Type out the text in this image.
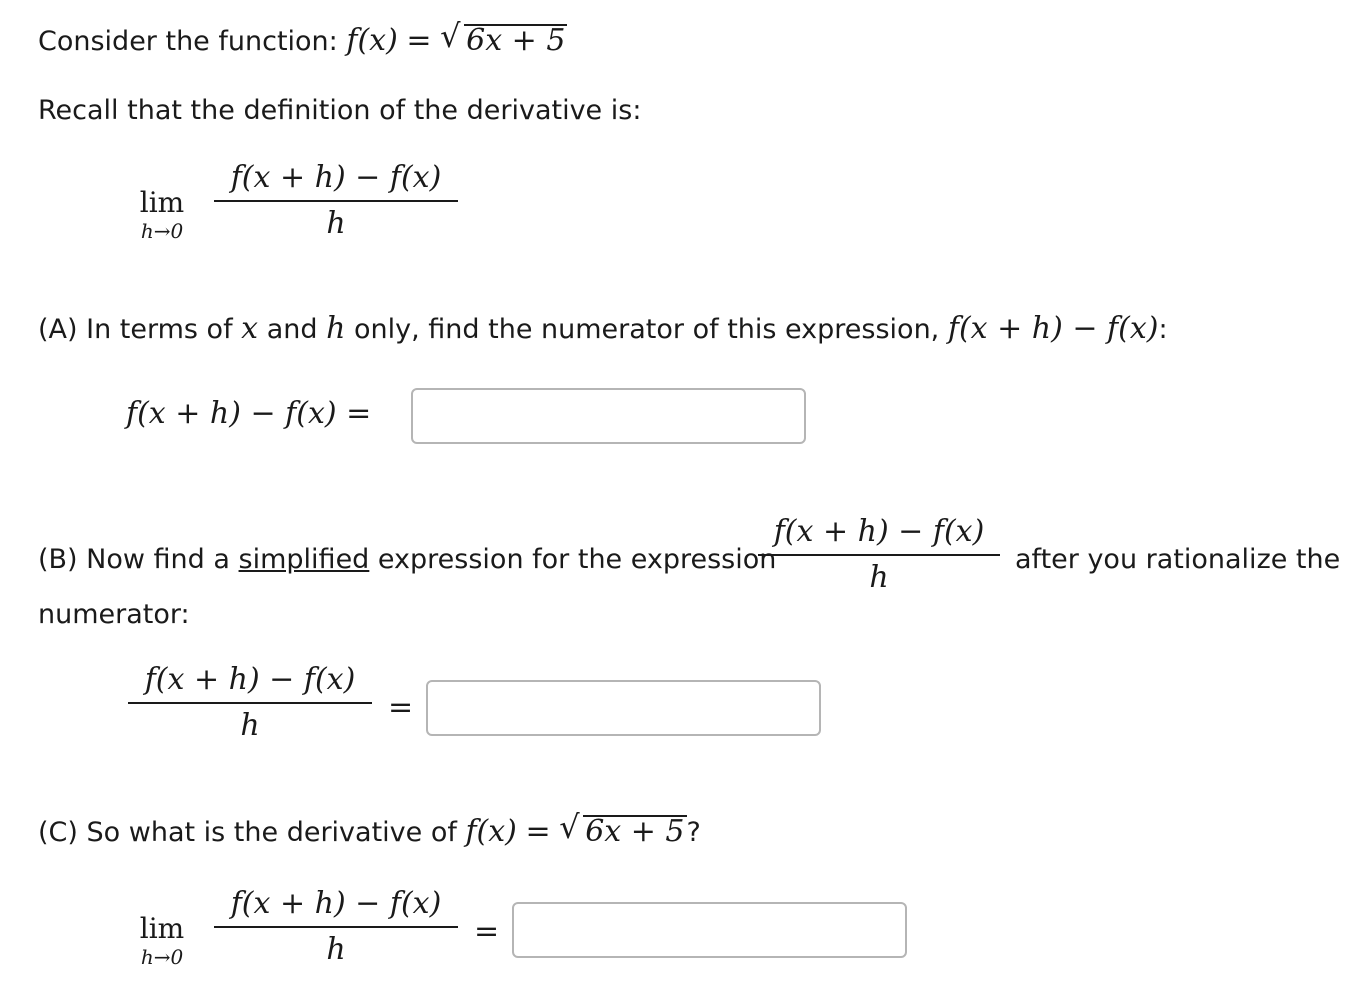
Consider the function: f(x) = √ 6x + 5
Recall that the definition of the derivative is:
lim
h→0
f(x + h) − f(x)
h
(A) In terms of x and h only, find the numerator of this expression, f(x + h) − f(x):
f(x + h) − f(x) =
(B) Now find a simplified expression for the expression
f(x + h) − f(x)
h
after you rationalize the
numerator:
f(x + h) − f(x)
h
=
(C) So what is the derivative of f(x) = √ 6x + 5?
lim
h→0
f(x + h) − f(x)
h
=
